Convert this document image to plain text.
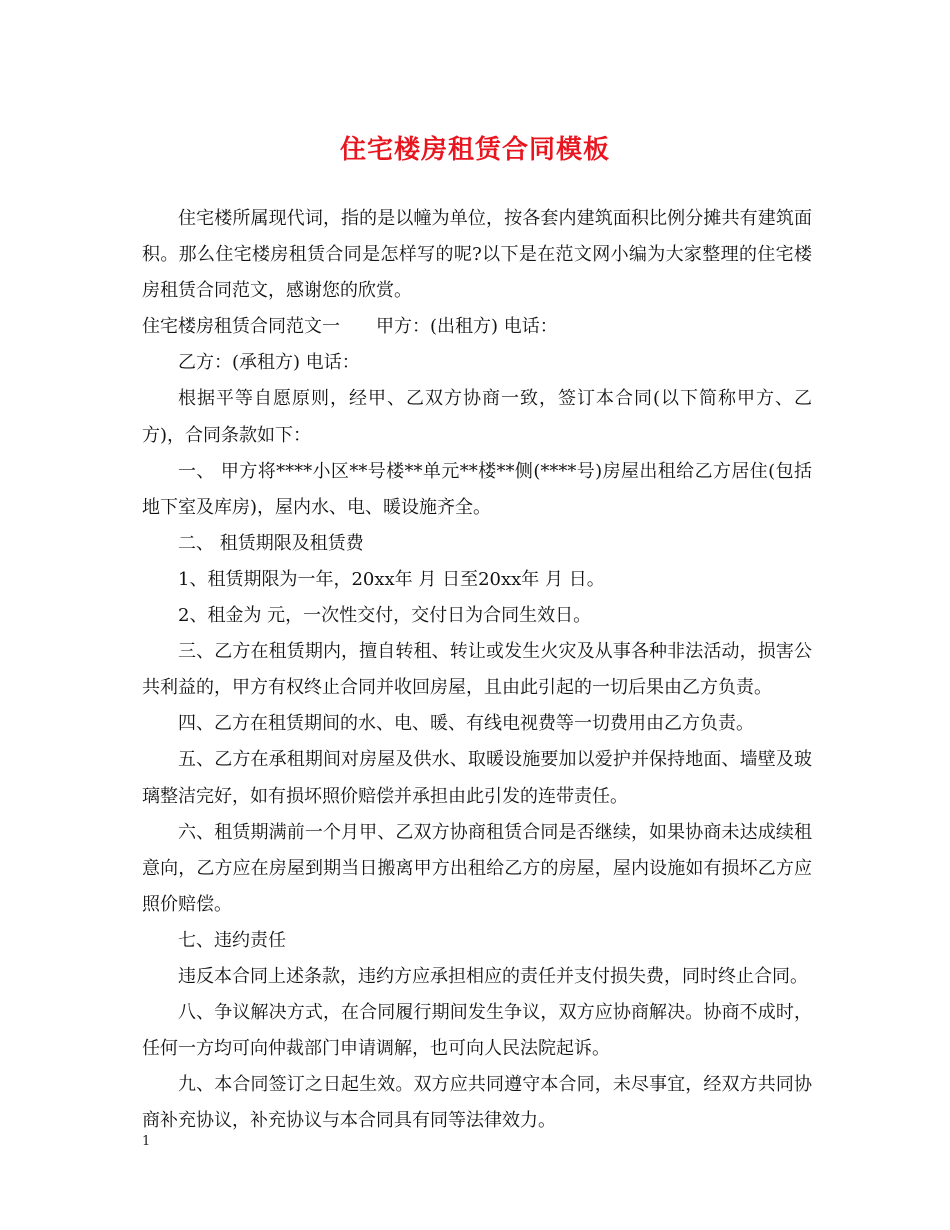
住宅楼房租赁合同模板

住宅楼所属现代词，指的是以幢为单位，按各套内建筑面积比例分摊共有建筑面积。那么住宅楼房租赁合同是怎样写的呢?以下是在范文网小编为大家整理的住宅楼房租赁合同范文，感谢您的欣赏。

住宅楼房租赁合同范文一 甲方：(出租方) 电话：

乙方：(承租方) 电话：

根据平等自愿原则，经甲、乙双方协商一致，签订本合同(以下简称甲方、乙方)，合同条款如下：

一、 甲方将****小区**号楼**单元**楼**侧(****号)房屋出租给乙方居住(包括地下室及库房)，屋内水、电、暖设施齐全。

二、 租赁期限及租赁费

1、租赁期限为一年，20xx年 月 日至20xx年 月 日。

2、租金为 元，一次性交付，交付日为合同生效日。

三、乙方在租赁期内，擅自转租、转让或发生火灾及从事各种非法活动，损害公共利益的，甲方有权终止合同并收回房屋，且由此引起的一切后果由乙方负责。

四、乙方在租赁期间的水、电、暖、有线电视费等一切费用由乙方负责。

五、乙方在承租期间对房屋及供水、取暖设施要加以爱护并保持地面、墙壁及玻璃整洁完好，如有损坏照价赔偿并承担由此引发的连带责任。

六、租赁期满前一个月甲、乙双方协商租赁合同是否继续，如果协商未达成续租意向，乙方应在房屋到期当日搬离甲方出租给乙方的房屋，屋内设施如有损坏乙方应照价赔偿。

七、违约责任

违反本合同上述条款，违约方应承担相应的责任并支付损失费，同时终止合同。

八、争议解决方式，在合同履行期间发生争议，双方应协商解决。协商不成时，任何一方均可向仲裁部门申请调解，也可向人民法院起诉。

九、本合同签订之日起生效。双方应共同遵守本合同，未尽事宜，经双方共同协商补充协议，补充协议与本合同具有同等法律效力。

1
